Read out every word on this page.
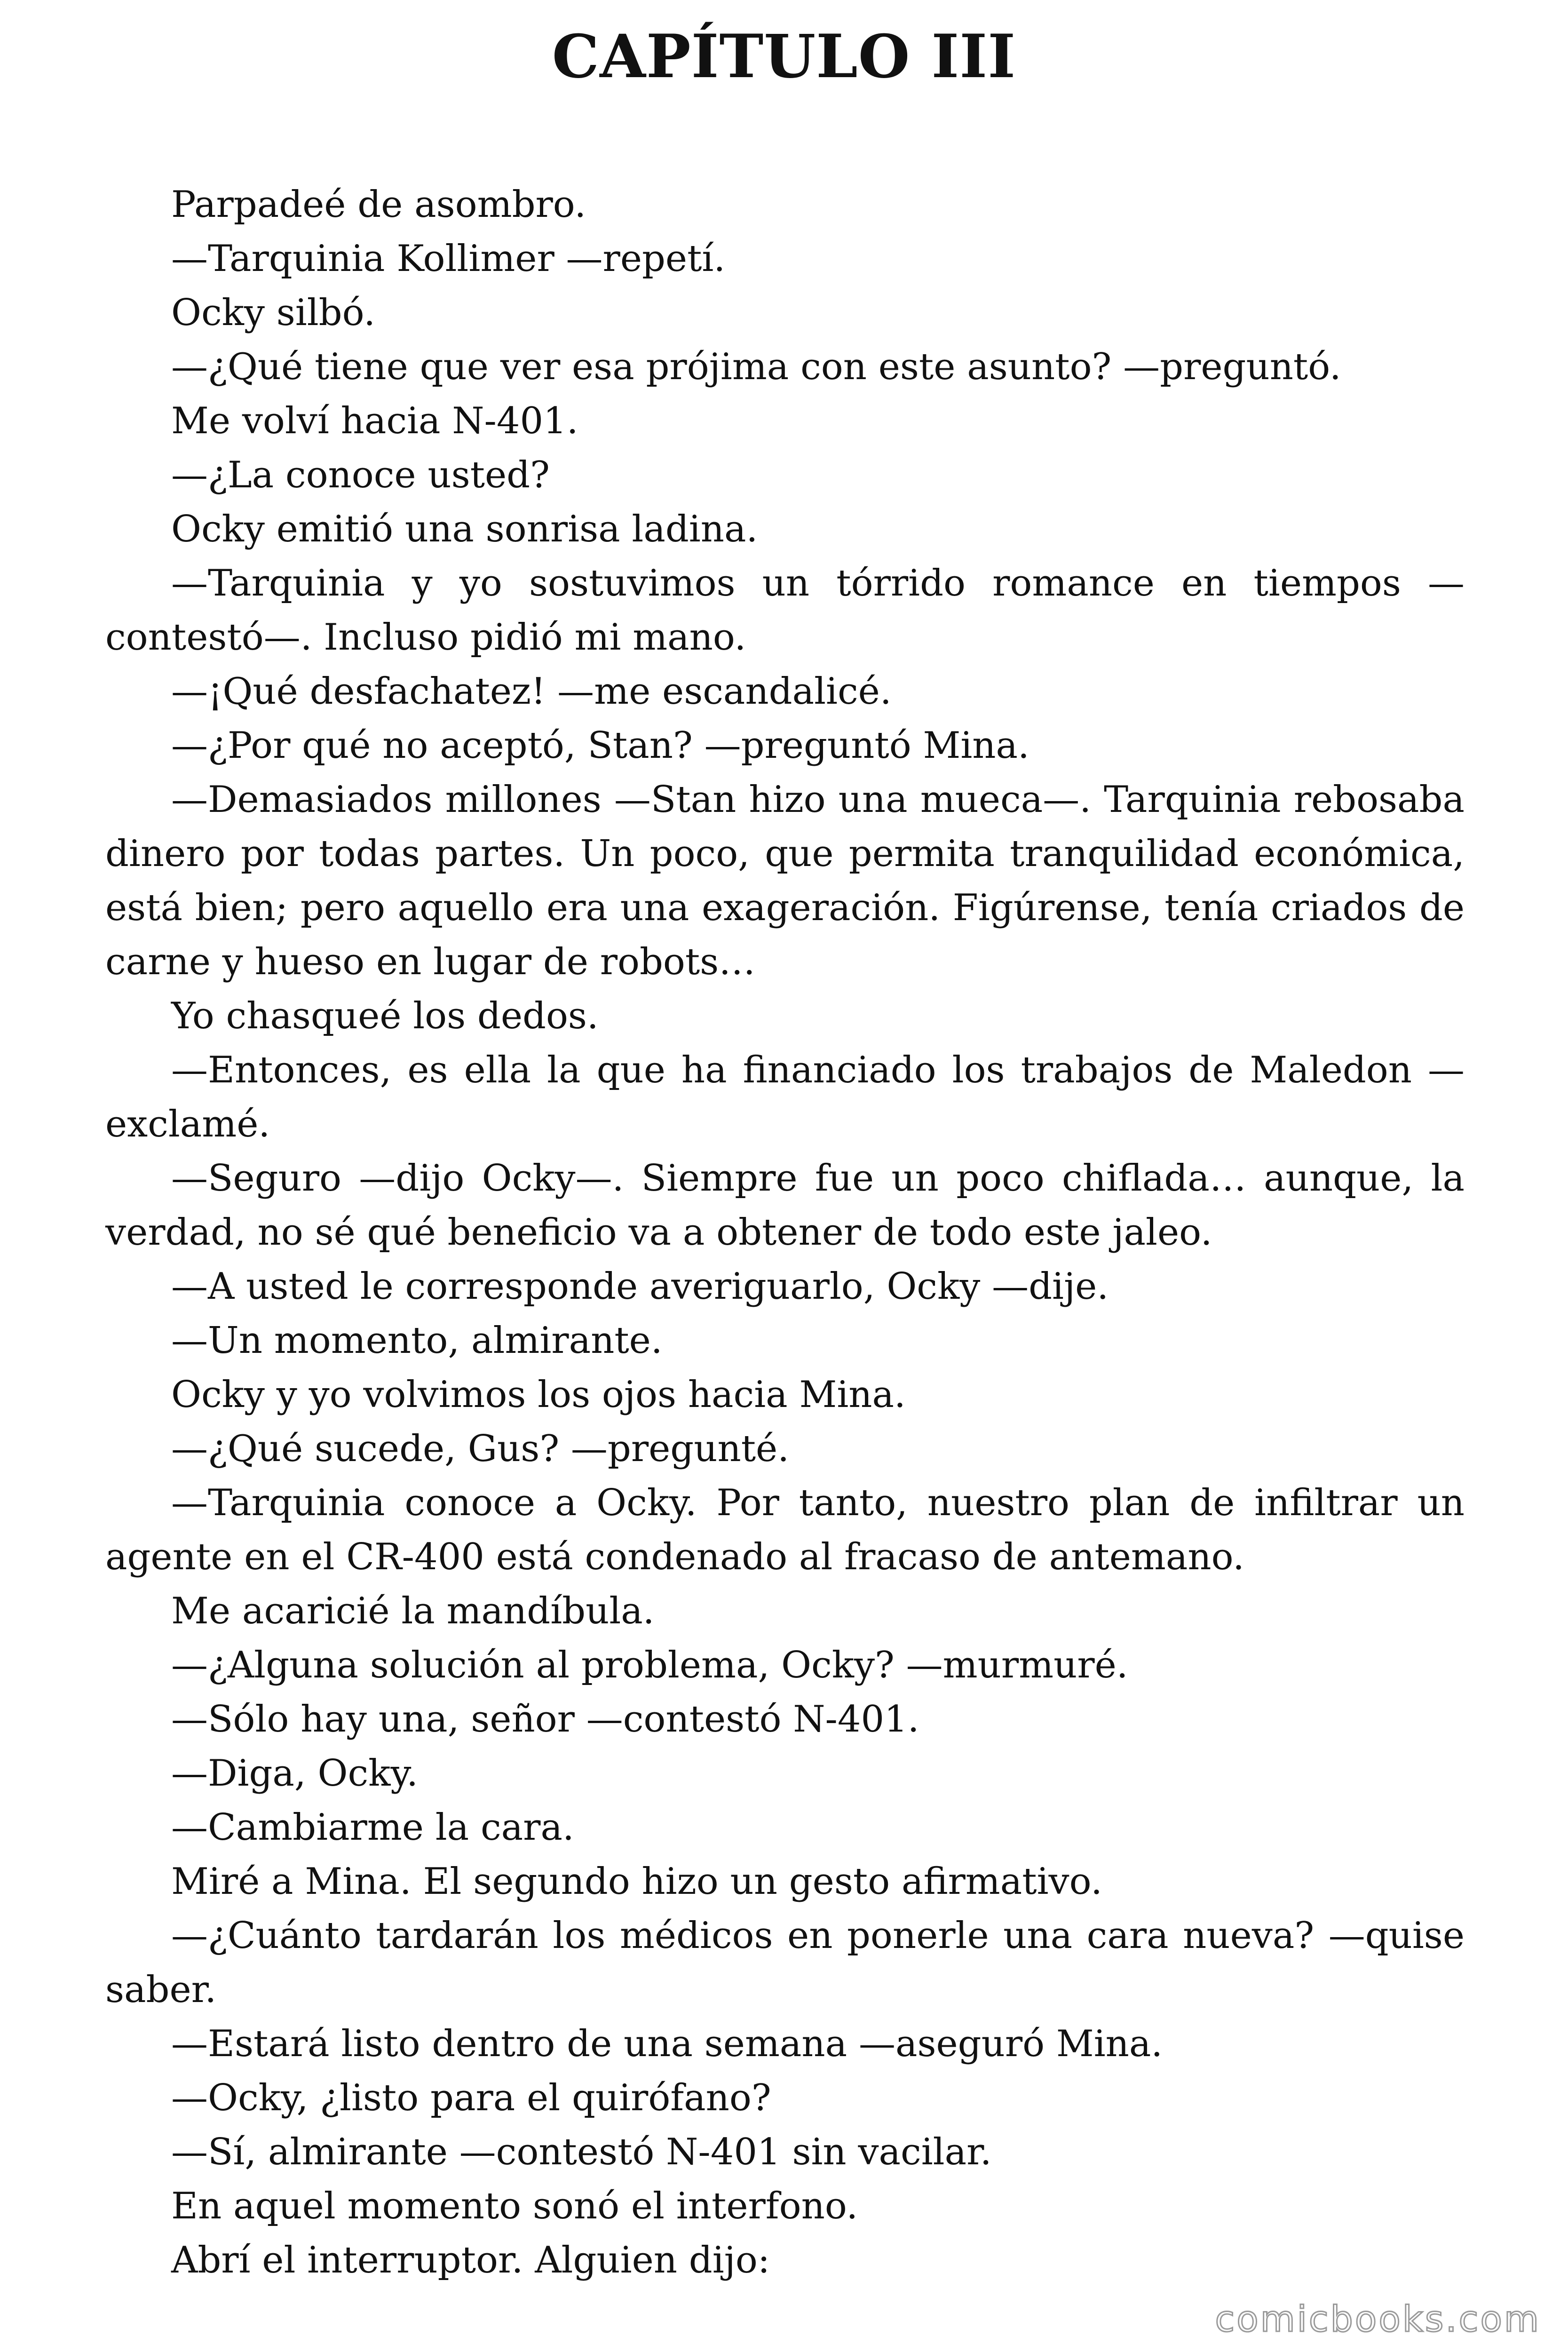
CAPÍTULO III

Parpadeé de asombro.

—Tarquinia Kollimer —repetí.

Ocky silbó.

—¿Qué tiene que ver esa prójima con este asunto? —preguntó.

Me volví hacia N-401.

—¿La conoce usted?

Ocky emitió una sonrisa ladina.

—Tarquinia y yo sostuvimos un tórrido romance en tiempos —contestó—. Incluso pidió mi mano.

—¡Qué desfachatez! —me escandalicé.

—¿Por qué no aceptó, Stan? —preguntó Mina.

—Demasiados millones —Stan hizo una mueca—. Tarquinia rebosaba dinero por todas partes. Un poco, que permita tranquilidad económica, está bien; pero aquello era una exageración. Figúrense, tenía criados de carne y hueso en lugar de robots…

Yo chasqueé los dedos.

—Entonces, es ella la que ha financiado los trabajos de Maledon —exclamé.

—Seguro —dijo Ocky—. Siempre fue un poco chiflada… aunque, la verdad, no sé qué beneficio va a obtener de todo este jaleo.

—A usted le corresponde averiguarlo, Ocky —dije.

—Un momento, almirante.

Ocky y yo volvimos los ojos hacia Mina.

—¿Qué sucede, Gus? —pregunté.

—Tarquinia conoce a Ocky. Por tanto, nuestro plan de infiltrar un agente en el CR-400 está condenado al fracaso de antemano.

Me acaricié la mandíbula.

—¿Alguna solución al problema, Ocky? —murmuré.

—Sólo hay una, señor —contestó N-401.

—Diga, Ocky.

—Cambiarme la cara.

Miré a Mina. El segundo hizo un gesto afirmativo.

—¿Cuánto tardarán los médicos en ponerle una cara nueva? —quise saber.

—Estará listo dentro de una semana —aseguró Mina.

—Ocky, ¿listo para el quirófano?

—Sí, almirante —contestó N-401 sin vacilar.

En aquel momento sonó el interfono.

Abrí el interruptor. Alguien dijo:

comicbooks.com
